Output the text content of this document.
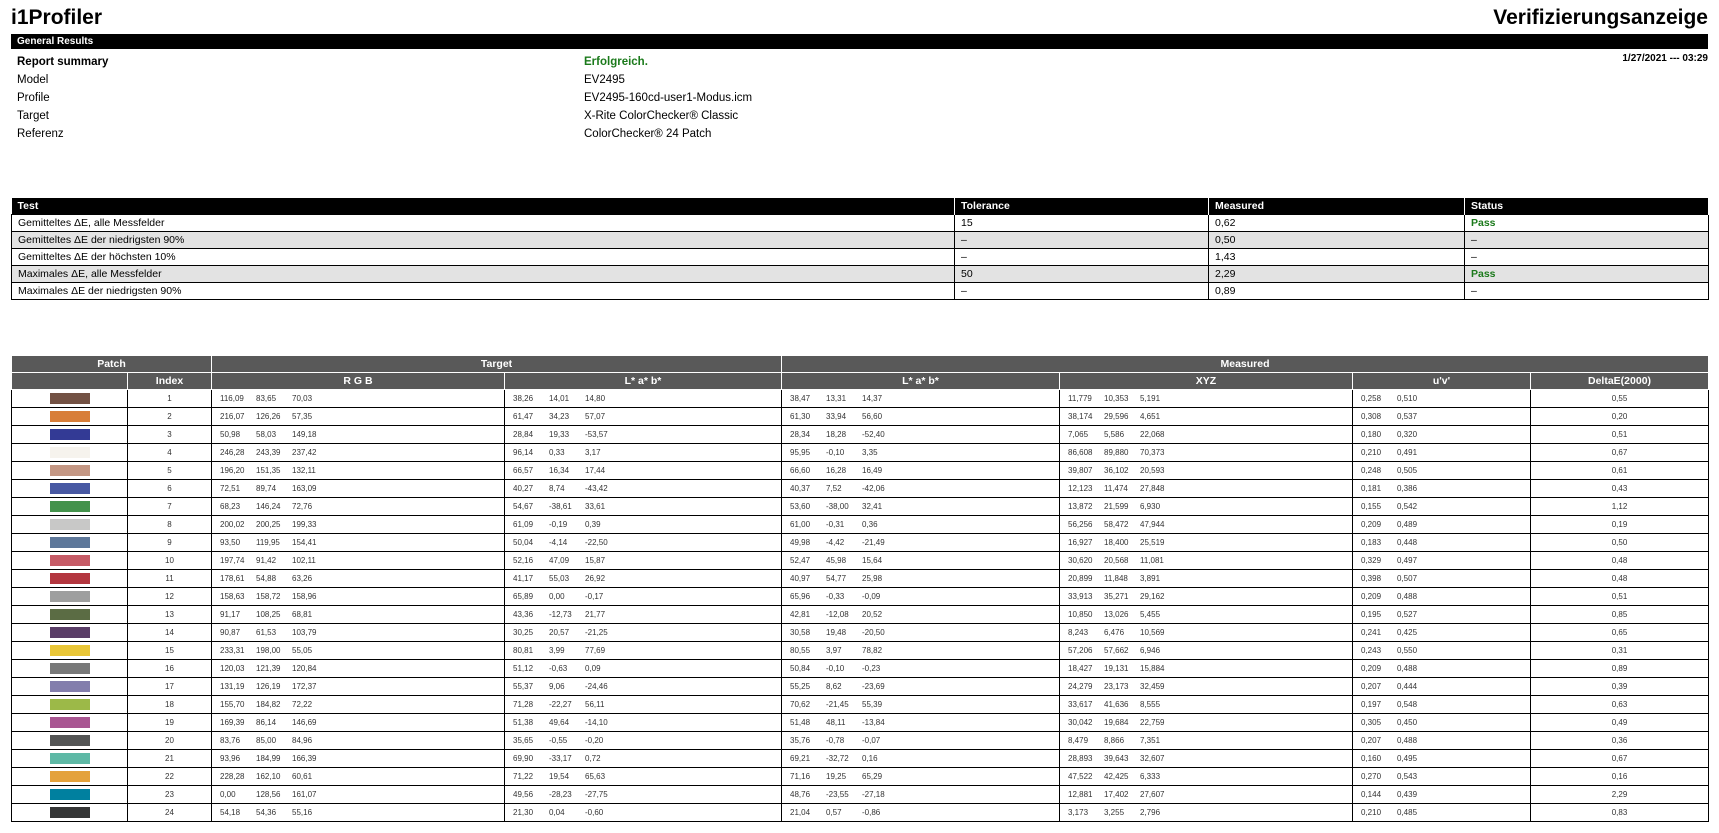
i1Profiler	Verifizierungsanzeige
General Results
1/27/2021 --- 03:29
Report summary	Erfolgreich.
Model	EV2495
Profile	EV2495-160cd-user1-Modus.icm
Target	X-Rite ColorChecker® Classic
Referenz	ColorChecker® 24 Patch
Test	Tolerance	Measured	Status
Gemitteltes ΔE, alle Messfelder	15	0,62	Pass
Gemitteltes ΔE der niedrigsten 90%	–	0,50	–
Gemitteltes ΔE der höchsten 10%	–	1,43	–
Maximales ΔE, alle Messfelder	50	2,29	Pass
Maximales ΔE der niedrigsten 90%	–	0,89	–
Patch		Target		Measured			
	Index	R G B	L* a* b*	L* a* b*	XYZ	u'v'	DeltaE(2000)

	1	116,09 83,65 70,03	38,26 14,01 14,80	38,47 13,31 14,37	11,779 10,353 5,191	0,258 0,510	0,55

	2	216,07 126,26 57,35	61,47 34,23 57,07	61,30 33,94 56,60	38,174 29,596 4,651	0,308 0,537	0,20

	3	50,98 58,03 149,18	28,84 19,33 -53,57	28,34 18,28 -52,40	7,065 5,586 22,068	0,180 0,320	0,51

	4	246,28 243,39 237,42	96,14 0,33 3,17	95,95 -0,10 3,35	86,608 89,880 70,373	0,210 0,491	0,67

	5	196,20 151,35 132,11	66,57 16,34 17,44	66,60 16,28 16,49	39,807 36,102 20,593	0,248 0,505	0,61

	6	72,51 89,74 163,09	40,27 8,74 -43,42	40,37 7,52 -42,06	12,123 11,474 27,848	0,181 0,386	0,43

	7	68,23 146,24 72,76	54,67 -38,61 33,61	53,60 -38,00 32,41	13,872 21,599 6,930	0,155 0,542	1,12

	8	200,02 200,25 199,33	61,09 -0,19 0,39	61,00 -0,31 0,36	56,256 58,472 47,944	0,209 0,489	0,19

	9	93,50 119,95 154,41	50,04 -4,14 -22,50	49,98 -4,42 -21,49	16,927 18,400 25,519	0,183 0,448	0,50

	10	197,74 91,42 102,11	52,16 47,09 15,87	52,47 45,98 15,64	30,620 20,568 11,081	0,329 0,497	0,48

	11	178,61 54,88 63,26	41,17 55,03 26,92	40,97 54,77 25,98	20,899 11,848 3,891	0,398 0,507	0,48

	12	158,63 158,72 158,96	65,89 0,00 -0,17	65,96 -0,33 -0,09	33,913 35,271 29,162	0,209 0,488	0,51

	13	91,17 108,25 68,81	43,36 -12,73 21,77	42,81 -12,08 20,52	10,850 13,026 5,455	0,195 0,527	0,85

	14	90,87 61,53 103,79	30,25 20,57 -21,25	30,58 19,48 -20,50	8,243 6,476 10,569	0,241 0,425	0,65

	15	233,31 198,00 55,05	80,81 3,99 77,69	80,55 3,97 78,82	57,206 57,662 6,946	0,243 0,550	0,31

	16	120,03 121,39 120,84	51,12 -0,63 0,09	50,84 -0,10 -0,23	18,427 19,131 15,884	0,209 0,488	0,89

	17	131,19 126,19 172,37	55,37 9,06 -24,46	55,25 8,62 -23,69	24,279 23,173 32,459	0,207 0,444	0,39

	18	155,70 184,82 72,22	71,28 -22,27 56,11	70,62 -21,45 55,39	33,617 41,636 8,555	0,197 0,548	0,63

	19	169,39 86,14 146,69	51,38 49,64 -14,10	51,48 48,11 -13,84	30,042 19,684 22,759	0,305 0,450	0,49

	20	83,76 85,00 84,96	35,65 -0,55 -0,20	35,76 -0,78 -0,07	8,479 8,866 7,351	0,207 0,488	0,36

	21	93,96 184,99 166,39	69,90 -33,17 0,72	69,21 -32,72 0,16	28,893 39,643 32,607	0,160 0,495	0,67

	22	228,28 162,10 60,61	71,22 19,54 65,63	71,16 19,25 65,29	47,522 42,425 6,333	0,270 0,543	0,16

	23	0,00 128,56 161,07	49,56 -28,23 -27,75	48,76 -23,55 -27,18	12,881 17,402 27,607	0,144 0,439	2,29

	24	54,18 54,36 55,16	21,30 0,04 -0,60	21,04 0,57 -0,86	3,173 3,255 2,796	0,210 0,485	0,83
